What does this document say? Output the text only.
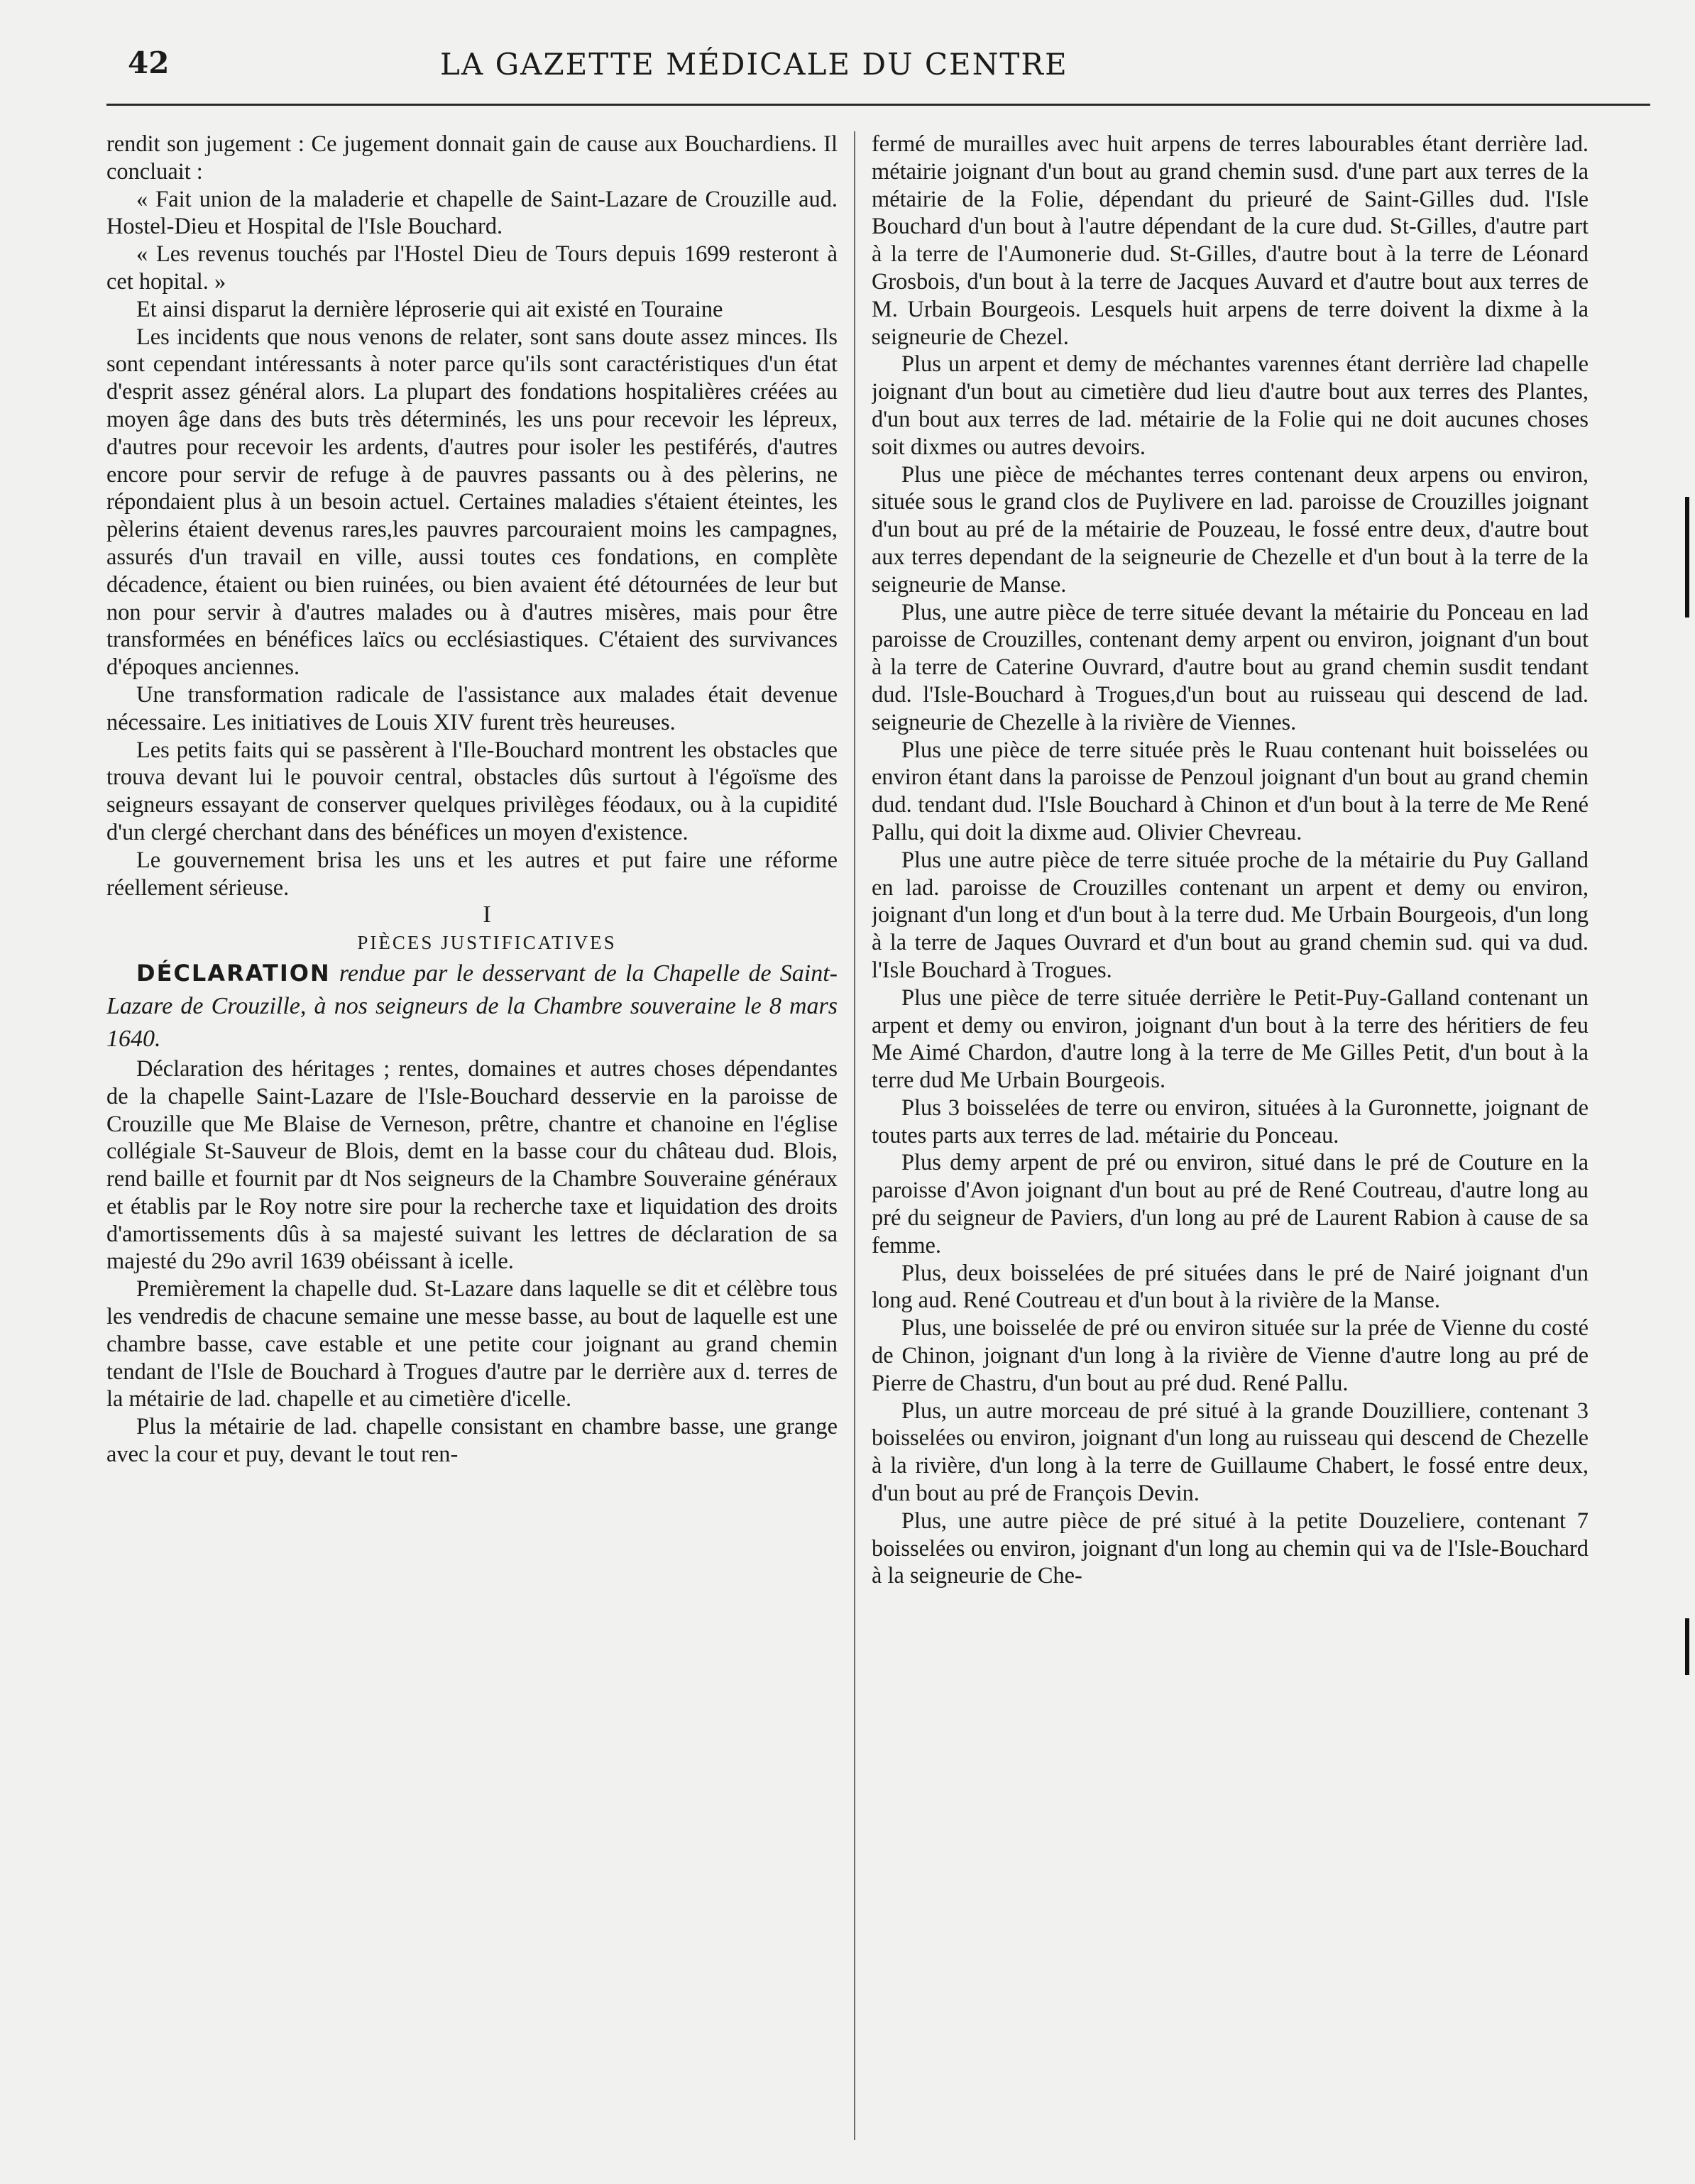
42	LA GAZETTE MÉDICALE DU CENTRE

rendit son jugement : Ce jugement donnait gain de cause aux Bouchardiens. Il concluait :

« Fait union de la maladerie et chapelle de Saint-Lazare de Crouzille aud. Hostel-Dieu et Hospital de l'Isle Bouchard.

« Les revenus touchés par l'Hostel Dieu de Tours depuis 1699 resteront à cet hopital. »

Et ainsi disparut la dernière léproserie qui ait existé en Touraine

Les incidents que nous venons de relater, sont sans doute assez minces. Ils sont cependant intéressants à noter parce qu'ils sont caractéristiques d'un état d'esprit assez général alors. La plupart des fondations hospitalières créées au moyen âge dans des buts très déterminés, les uns pour recevoir les lépreux, d'autres pour recevoir les ardents, d'autres pour isoler les pestiférés, d'autres encore pour servir de refuge à de pauvres passants ou à des pèlerins, ne répondaient plus à un besoin actuel. Certaines maladies s'étaient éteintes, les pèlerins étaient devenus rares,les pauvres parcouraient moins les campagnes, assurés d'un travail en ville, aussi toutes ces fondations, en complète décadence, étaient ou bien ruinées, ou bien avaient été détournées de leur but non pour servir à d'autres malades ou à d'autres misères, mais pour être transformées en bénéfices laïcs ou ecclésiastiques. C'étaient des survivances d'époques anciennes.

Une transformation radicale de l'assistance aux malades était devenue nécessaire. Les initiatives de Louis XIV furent très heureuses.

Les petits faits qui se passèrent à l'Ile-Bouchard montrent les obstacles que trouva devant lui le pouvoir central, obstacles dûs surtout à l'égoïsme des seigneurs essayant de conserver quelques privilèges féodaux, ou à la cupidité d'un clergé cherchant dans des bénéfices un moyen d'existence.

Le gouvernement brisa les uns et les autres et put faire une réforme réellement sérieuse.

I

PIÈCES JUSTIFICATIVES

DÉCLARATION rendue par le desservant de la Chapelle de Saint-Lazare de Crouzille, à nos seigneurs de la Chambre souveraine le 8 mars 1640.

Déclaration des héritages ; rentes, domaines et autres choses dépendantes de la chapelle Saint-Lazare de l'Isle-Bouchard desservie en la paroisse de Crouzille que Me Blaise de Verneson, prêtre, chantre et chanoine en l'église collégiale St-Sauveur de Blois, demt en la basse cour du château dud. Blois, rend baille et fournit par dt Nos seigneurs de la Chambre Souveraine généraux et établis par le Roy notre sire pour la recherche taxe et liquidation des droits d'amortissements dûs à sa majesté suivant les lettres de déclaration de sa majesté du 29o avril 1639 obéissant à icelle.

Premièrement la chapelle dud. St-Lazare dans laquelle se dit et célèbre tous les vendredis de chacune semaine une messe basse, au bout de laquelle est une chambre basse, cave estable et une petite cour joignant au grand chemin tendant de l'Isle de Bouchard à Trogues d'autre par le derrière aux d. terres de la métairie de lad. chapelle et au cimetière d'icelle.

Plus la métairie de lad. chapelle consistant en chambre basse, une grange avec la cour et puy, devant le tout ren-

fermé de murailles avec huit arpens de terres labourables étant derrière lad. métairie joignant d'un bout au grand chemin susd. d'une part aux terres de la métairie de la Folie, dépendant du prieuré de Saint-Gilles dud. l'Isle Bouchard d'un bout à l'autre dépendant de la cure dud. St-Gilles, d'autre part à la terre de l'Aumonerie dud. St-Gilles, d'autre bout à la terre de Léonard Grosbois, d'un bout à la terre de Jacques Auvard et d'autre bout aux terres de M. Urbain Bourgeois. Lesquels huit arpens de terre doivent la dixme à la seigneurie de Chezel.

Plus un arpent et demy de méchantes varennes étant derrière lad chapelle joignant d'un bout au cimetière dud lieu d'autre bout aux terres des Plantes, d'un bout aux terres de lad. métairie de la Folie qui ne doit aucunes choses soit dixmes ou autres devoirs.

Plus une pièce de méchantes terres contenant deux arpens ou environ, située sous le grand clos de Puylivere en lad. paroisse de Crouzilles joignant d'un bout au pré de la métairie de Pouzeau, le fossé entre deux, d'autre bout aux terres dependant de la seigneurie de Chezelle et d'un bout à la terre de la seigneurie de Manse.

Plus, une autre pièce de terre située devant la métairie du Ponceau en lad paroisse de Crouzilles, contenant demy arpent ou environ, joignant d'un bout à la terre de Caterine Ouvrard, d'autre bout au grand chemin susdit tendant dud. l'Isle-Bouchard à Trogues,d'un bout au ruisseau qui descend de lad. seigneurie de Chezelle à la rivière de Viennes.

Plus une pièce de terre située près le Ruau contenant huit boisselées ou environ étant dans la paroisse de Penzoul joignant d'un bout au grand chemin dud. tendant dud. l'Isle Bouchard à Chinon et d'un bout à la terre de Me René Pallu, qui doit la dixme aud. Olivier Chevreau.

Plus une autre pièce de terre située proche de la métairie du Puy Galland en lad. paroisse de Crouzilles contenant un arpent et demy ou environ, joignant d'un long et d'un bout à la terre dud. Me Urbain Bourgeois, d'un long à la terre de Jaques Ouvrard et d'un bout au grand chemin sud. qui va dud. l'Isle Bouchard à Trogues.

Plus une pièce de terre située derrière le Petit-Puy-Galland contenant un arpent et demy ou environ, joignant d'un bout à la terre des héritiers de feu Me Aimé Chardon, d'autre long à la terre de Me Gilles Petit, d'un bout à la terre dud Me Urbain Bourgeois.

Plus 3 boisselées de terre ou environ, situées à la Guronnette, joignant de toutes parts aux terres de lad. métairie du Ponceau.

Plus demy arpent de pré ou environ, situé dans le pré de Couture en la paroisse d'Avon joignant d'un bout au pré de René Coutreau, d'autre long au pré du seigneur de Paviers, d'un long au pré de Laurent Rabion à cause de sa femme.

Plus, deux boisselées de pré situées dans le pré de Nairé joignant d'un long aud. René Coutreau et d'un bout à la rivière de la Manse.

Plus, une boisselée de pré ou environ située sur la prée de Vienne du costé de Chinon, joignant d'un long à la rivière de Vienne d'autre long au pré de Pierre de Chastru, d'un bout au pré dud. René Pallu.

Plus, un autre morceau de pré situé à la grande Douzilliere, contenant 3 boisselées ou environ, joignant d'un long au ruisseau qui descend de Chezelle à la rivière, d'un long à la terre de Guillaume Chabert, le fossé entre deux, d'un bout au pré de François Devin.

Plus, une autre pièce de pré situé à la petite Douzeliere, contenant 7 boisselées ou environ, joignant d'un long au chemin qui va de l'Isle-Bouchard à la seigneurie de Che-
